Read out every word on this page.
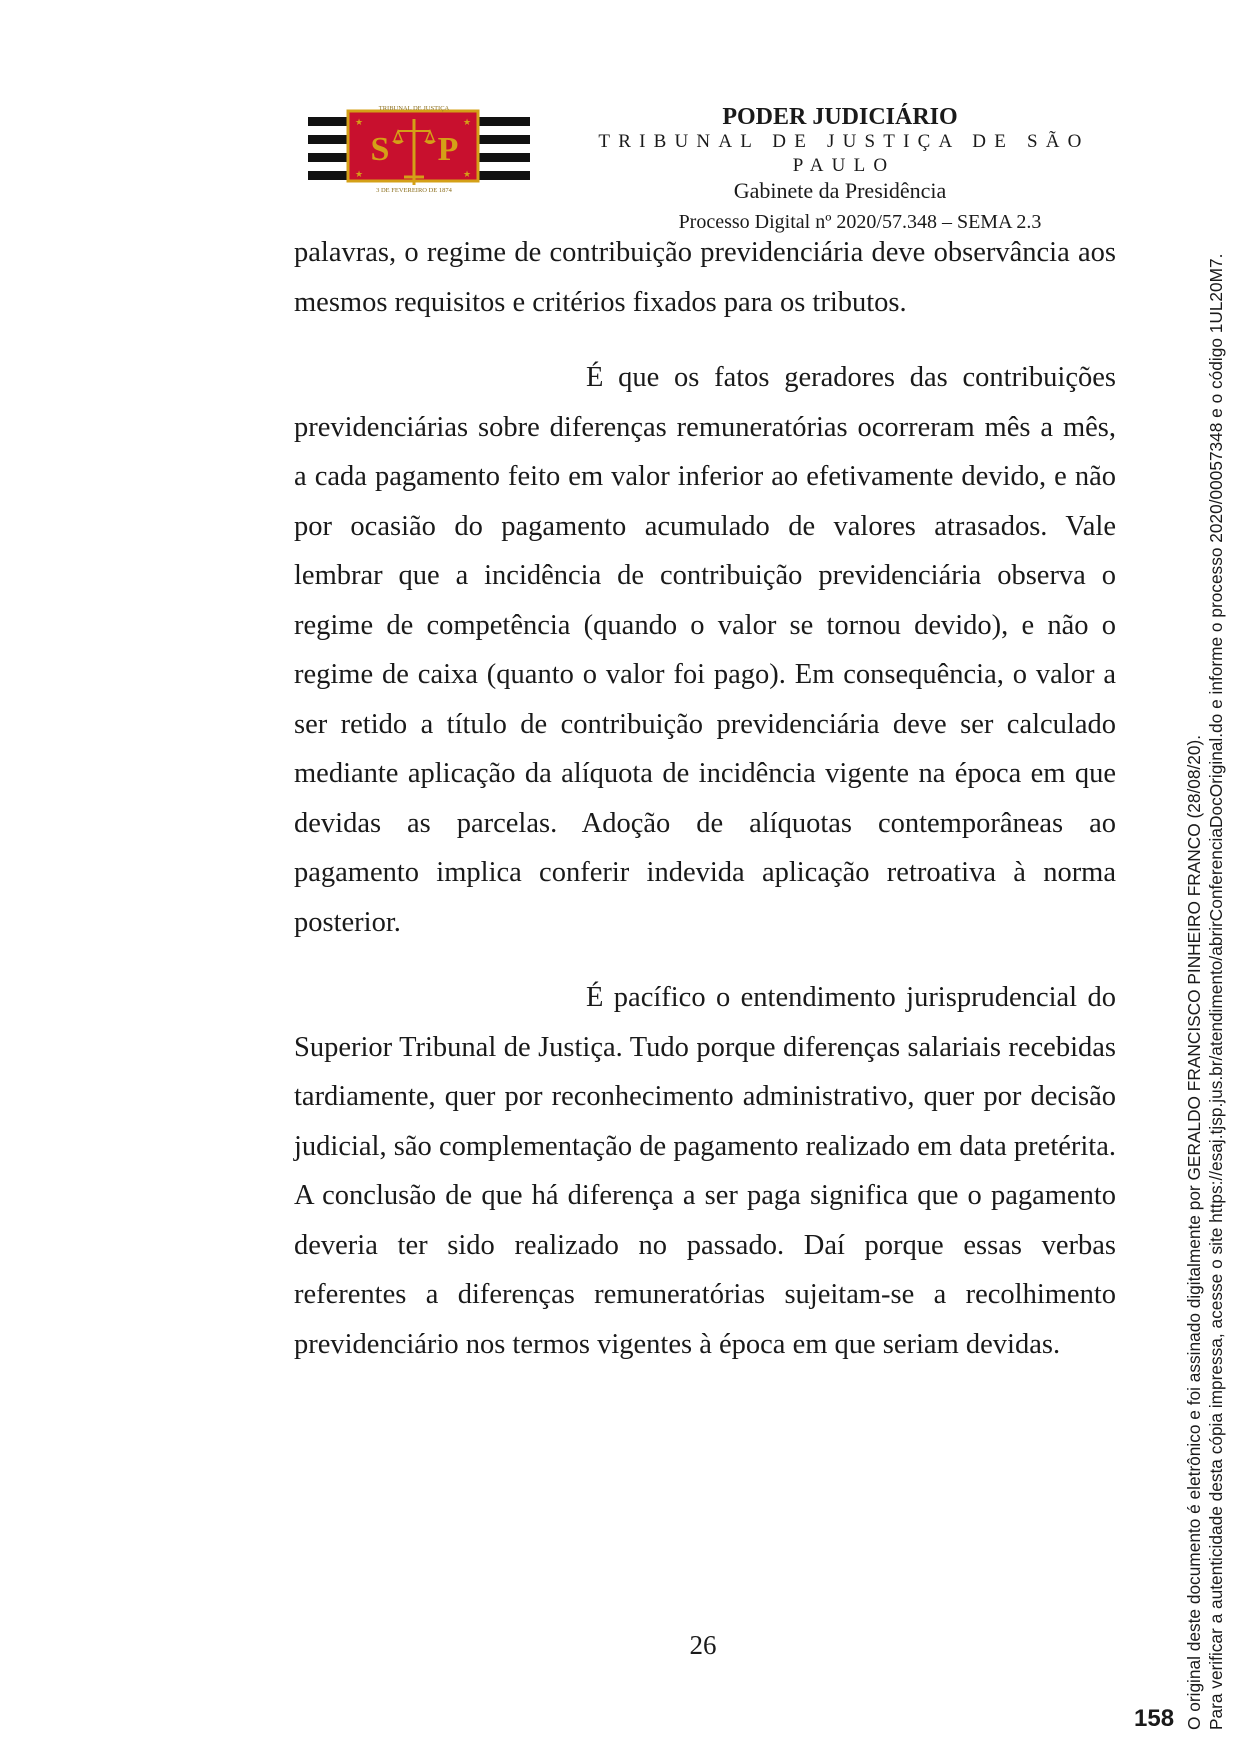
★	★
★	★
S P
TRIBUNAL DE JUSTIÇA
3 DE FEVEREIRO DE 1874
PODER JUDICIÁRIO
TRIBUNAL DE JUSTIÇA DE SÃO PAULO
Gabinete da Presidência
Processo Digital nº 2020/57.348 – SEMA 2.3

palavras, o regime de contribuição previdenciária deve observância aos mesmos requisitos e critérios fixados para os tributos.

É que os fatos geradores das contribuições previdenciárias sobre diferenças remuneratórias ocorreram mês a mês, a cada pagamento feito em valor inferior ao efetivamente devido, e não por ocasião do pagamento acumulado de valores atrasados. Vale lembrar que a incidência de contribuição previdenciária observa o regime de competência (quando o valor se tornou devido), e não o regime de caixa (quanto o valor foi pago). Em consequência, o valor a ser retido a título de contribuição previdenciária deve ser calculado mediante aplicação da alíquota de incidência vigente na época em que devidas as parcelas. Adoção de alíquotas contemporâneas ao pagamento implica conferir indevida aplicação retroativa à norma posterior.

É pacífico o entendimento jurisprudencial do Superior Tribunal de Justiça. Tudo porque diferenças salariais recebidas tardiamente, quer por reconhecimento administrativo, quer por decisão judicial, são complementação de pagamento realizado em data pretérita. A conclusão de que há diferença a ser paga significa que o pagamento deveria ter sido realizado no passado. Daí porque essas verbas referentes a diferenças remuneratórias sujeitam-se a recolhimento previdenciário nos termos vigentes à época em que seriam devidas.

26	O original deste documento é eletrônico e foi assinado digitalmente por GERALDO FRANCISCO PINHEIRO FRANCO (28/08/20). Para verificar a autenticidade desta cópia impressa, acesse o site https://esaj.tjsp.jus.br/atendimento/abrirConferenciaDocOriginal.do e informe o processo 2020/00057348 e o código 1UL20M7.
158
